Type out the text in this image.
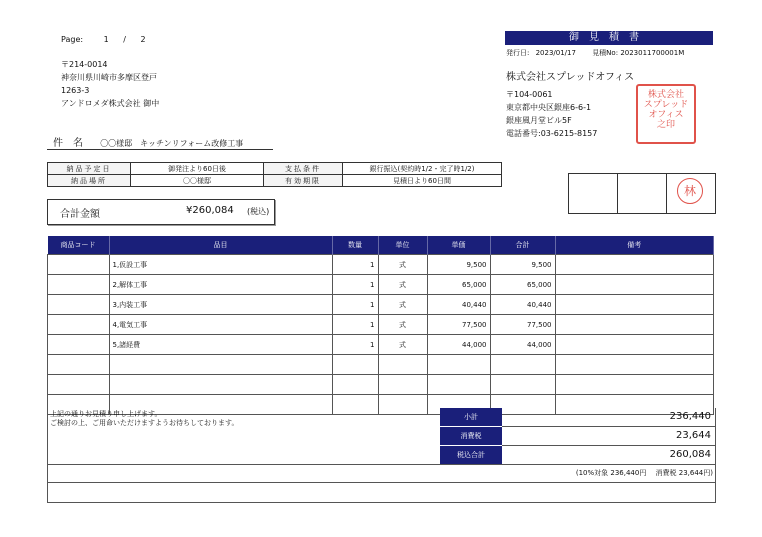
Page:	1 / 2	御見積書
発行日: 2023/01/17 見積No: 2023011700001M
〒214-0014
神奈川県川崎市多摩区登戸
1263-3
アンドロメダ株式会社 御中
株式会社スプレッドオフィス
〒104-0061
東京都中央区銀座6-6-1
銀座風月堂ビル5F
電話番号:03-6215-8157
株式会社
スプレッド
オフィス
之印
件　名 〇〇様邸　キッチンリフォーム改修工事
納品予定日	御発注より60日後	支払条件	銀行振込(契約時1/2・完了時1/2)
納品場所	〇〇様邸	有効期限	見積日より60日間
林
合計金額	¥260,084 (税込)
商品コード	品目	数量	単位	単価	合計	備考
	1,仮設工事	1	式	9,500	9,500	
	2,解体工事	1	式	65,000	65,000	
	3,内装工事	1	式	40,440	40,440	
	4,電気工事	1	式	77,500	77,500	
	5,諸経費	1	式	44,000	44,000	

上記の通りお見積り申し上げます。
ご検討の上、ご用命いただけますようお待ちしております。
小計	236,440
消費税	23,644
税込合計	260,084
(10%対象 236,440円　 消費税 23,644円)
